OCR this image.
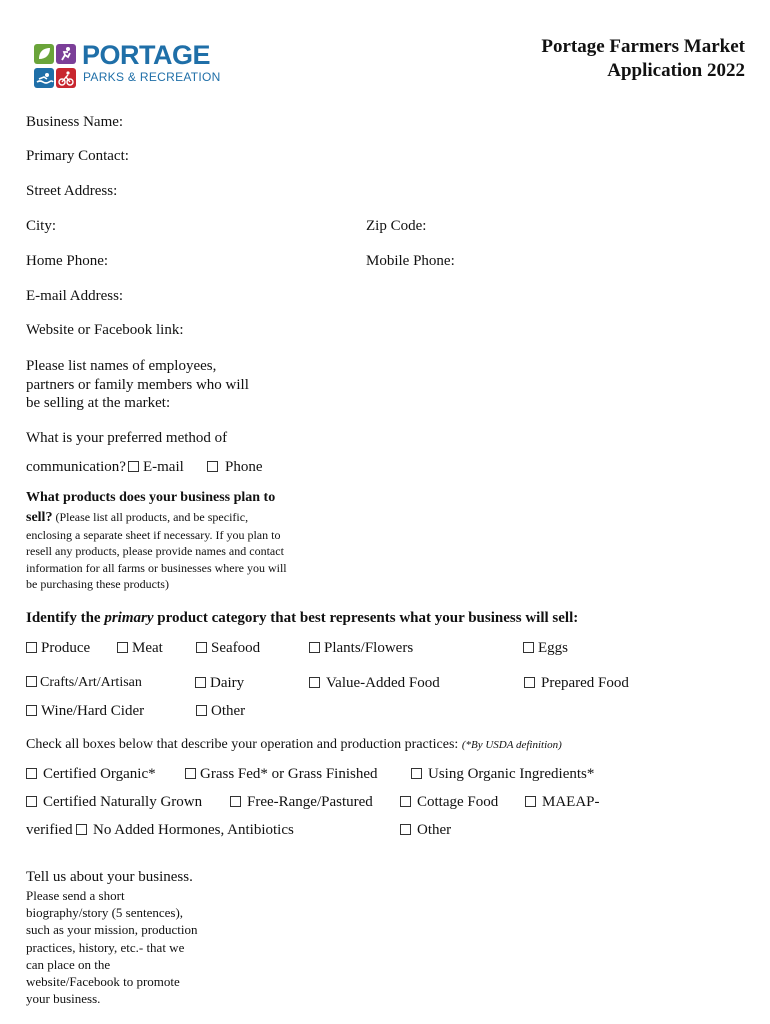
PORTAGE
PARKS & RECREATION
Portage Farmers Market
Application 2022
Business Name:
Primary Contact:
Street Address:
City:	Zip Code:
Home Phone:	Mobile Phone:
E-mail Address:
Website or Facebook link:
Please list names of employees,
partners or family members who will
be selling at the market:
What is your preferred method of
communication? E-mail	Phone
What products does your business plan to
sell? (Please list all products, and be specific,
enclosing a separate sheet if necessary. If you plan to
resell any products, please provide names and contact
information for all farms or businesses where you will
be purchasing these products)
Identify the primary product category that best represents what your business will sell:
Produce	Meat	Seafood	Plants/Flowers	Eggs
Crafts/Art/Artisan	Dairy	Value-Added Food	Prepared Food
Wine/Hard Cider	Other
Check all boxes below that describe your operation and production practices: (*By USDA definition)
Certified Organic*	Grass Fed* or Grass Finished	Using Organic Ingredients*
Certified Naturally Grown	Free-Range/Pastured	Cottage Food	MAEAP-
verified	No Added Hormones, Antibiotics	Other
Tell us about your business.
Please send a short
biography/story (5 sentences),
such as your mission, production
practices, history, etc.- that we
can place on the
website/Facebook to promote
your business.
